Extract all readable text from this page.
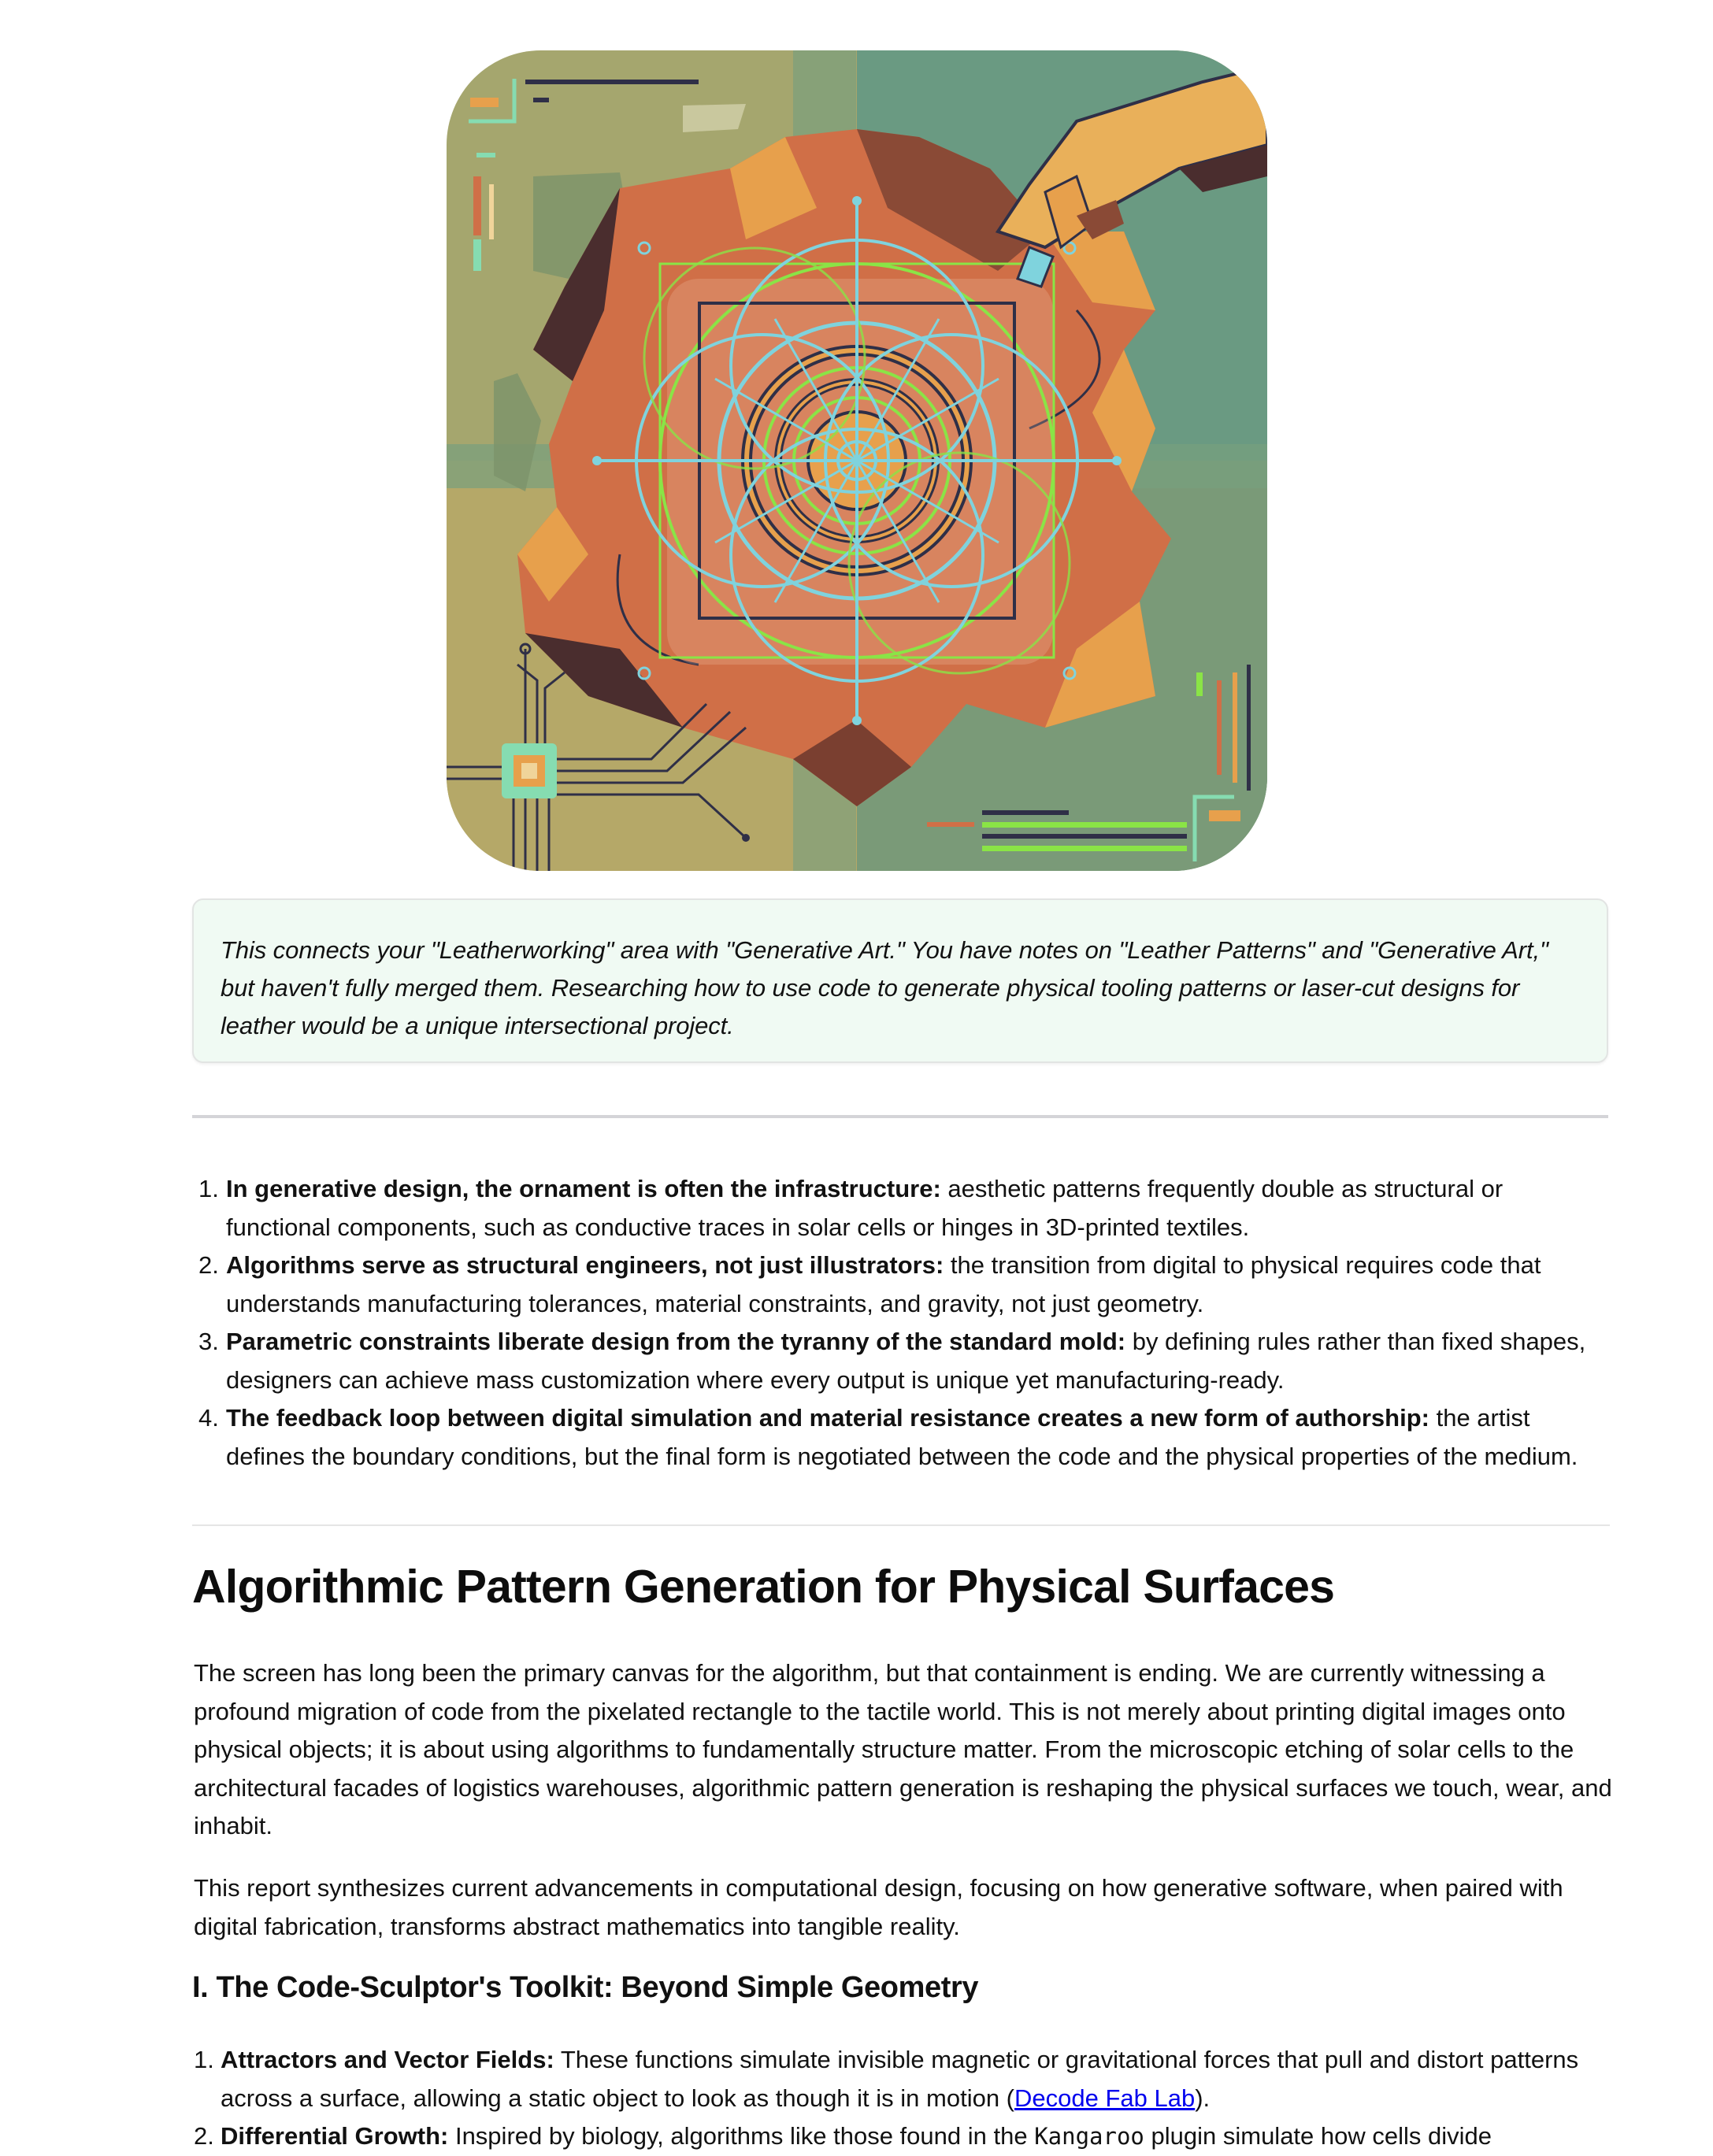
This connects your "Leatherworking" area with "Generative Art." You have notes on "Leather Patterns" and "Generative Art," but haven't fully merged them. Researching how to use code to generate physical tooling patterns or laser-cut designs for leather would be a unique intersectional project.

1. In generative design, the ornament is often the infrastructure: aesthetic patterns frequently double as structural or functional components, such as conductive traces in solar cells or hinges in 3D-printed textiles.
2. Algorithms serve as structural engineers, not just illustrators: the transition from digital to physical requires code that understands manufacturing tolerances, material constraints, and gravity, not just geometry.
3. Parametric constraints liberate design from the tyranny of the standard mold: by defining rules rather than fixed shapes, designers can achieve mass customization where every output is unique yet manufacturing-ready.
4. The feedback loop between digital simulation and material resistance creates a new form of authorship: the artist defines the boundary conditions, but the final form is negotiated between the code and the physical properties of the medium.
Algorithmic Pattern Generation for Physical Surfaces

The screen has long been the primary canvas for the algorithm, but that containment is ending. We are currently witnessing a profound migration of code from the pixelated rectangle to the tactile world. This is not merely about printing digital images onto physical objects; it is about using algorithms to fundamentally structure matter. From the microscopic etching of solar cells to the architectural facades of logistics warehouses, algorithmic pattern generation is reshaping the physical surfaces we touch, wear, and inhabit.

This report synthesizes current advancements in computational design, focusing on how generative software, when paired with digital fabrication, transforms abstract mathematics into tangible reality.

I. The Code-Sculptor's Toolkit: Beyond Simple Geometry
1. Attractors and Vector Fields: These functions simulate invisible magnetic or gravitational forces that pull and distort patterns across a surface, allowing a static object to look as though it is in motion (Decode Fab Lab).
2. Differential Growth: Inspired by biology, algorithms like those found in the Kangaroo plugin simulate how cells divide
